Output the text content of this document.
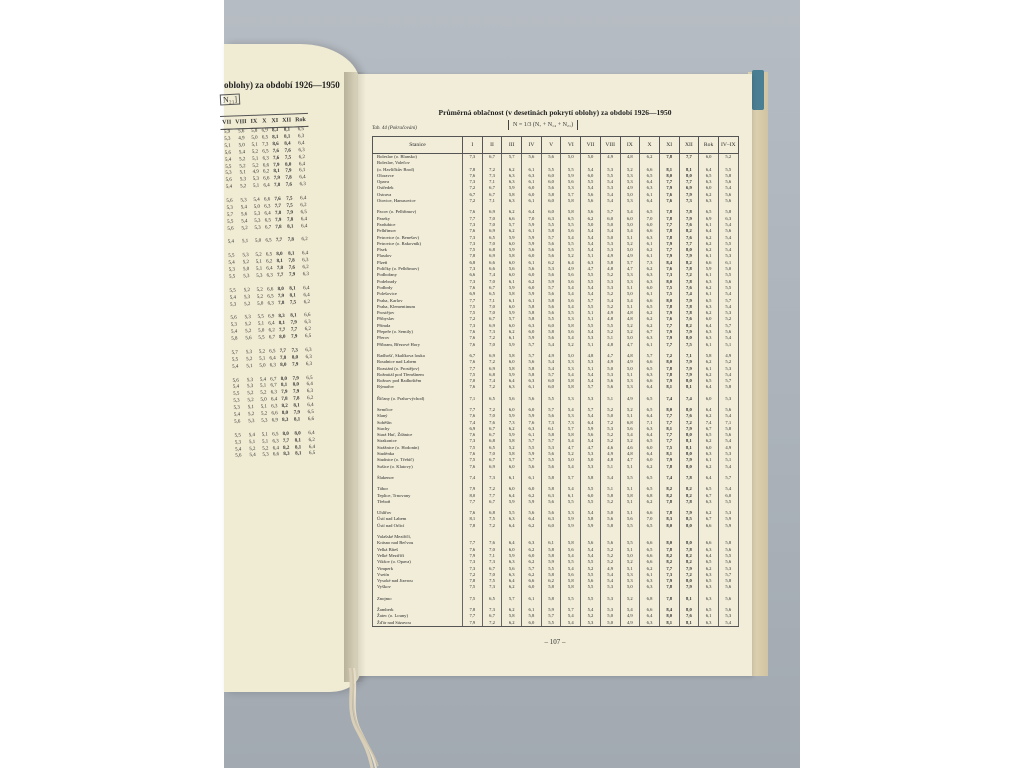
oblohy) za období 1926—1950
N₂₁]
VII	VIII	IX	X	XI	XII	Rok
5,9	5,6	5,8	6,9	8,3	8,1	6,5
5,3	4,9	5,0	6,5	8,1	8,1	6,3
5,1	5,0	5,1	7,3	8,6	8,4	6,4
5,6	5,4	5,2	6,5	7,6	7,6	6,3
5,4	5,2	5,1	6,3	7,6	7,5	6,2
5,5	5,2	5,2	6,6	7,9	8,0	6,4
5,3	5,1	4,9	6,2	8,1	7,9	6,1
5,6	5,3	5,3	6,6	7,9	7,8	6,4
5,4	5,2	5,1	6,4	7,8	7,6	6,3

5,6	5,3	5,4	6,6	7,6	7,5	6,4
5,3	5,4	5,0	6,3	7,7	7,5	6,2
5,7	5,6	5,3	6,4	7,8	7,9	6,5
5,5	5,4	5,3	6,5	7,9	7,8	6,4
5,6	5,2	5,3	6,7	7,8	8,1	6,4

5,4	5,1	5,0	6,5	7,7	7,8	6,2

5,5	5,3	5,2	6,5	8,0	8,1	6,4
5,4	5,2	5,1	6,2	8,1	7,8	6,3
5,3	5,0	5,1	6,4	7,8	7,6	6,2
5,5	5,3	5,3	6,3	7,7	7,9	6,3

5,5	5,2	5,2	6,6	8,0	8,1	6,4
5,4	5,3	5,2	6,5	7,9	8,1	6,4
5,3	5,2	5,0	6,3	7,8	7,5	6,2

5,6	5,3	5,5	6,9	8,3	8,1	6,6
5,3	5,2	5,1	6,4	8,1	7,9	6,3
5,4	5,2	5,0	6,2	7,7	7,7	6,2
5,8	5,6	5,5	6,7	8,0	7,9	6,5

5,7	5,3	5,2	6,5	7,7	7,3	6,3
5,5	5,2	5,1	6,4	7,8	8,0	6,3
5,4	5,1	5,0	6,3	8,0	7,9	6,3

5,6	5,3	5,4	6,7	8,0	7,9	6,5
5,4	5,3	5,1	6,7	8,1	8,0	6,4
5,5	5,2	5,2	6,3	7,9	7,9	6,3
5,3	5,2	5,0	6,4	7,8	7,8	6,2
5,3	5,1	5,1	6,3	8,2	8,1	6,4
5,4	5,2	5,2	6,6	8,0	7,9	6,5
5,6	5,3	5,3	6,9	8,3	8,1	6,6

5,5	5,4	5,1	6,5	8,0	8,0	6,4
5,3	5,1	5,1	6,3	7,7	8,1	6,2
5,4	5,2	5,2	6,4	8,2	8,1	6,4
5,6	5,4	5,3	6,6	8,3	8,1	6,5
Průměrná oblačnost (v desetinách pokrytí oblohy) za období 1926—1950
Tab. 44 (Pokračování)
N = 1/3 (N₇ + N₁₄ + N₂₁)
Stanice	I	II	III	IV	V	VI	VII	VIII	IX	X	XI	XII	Rok	IV–IX
Boleslav (o. Blansko)	7,3	6,7	5,7	5,6	5,6	5,0	5,0	4,9	4,8	6,2	7,8	7,7	6,0	5,2
Boleslav, Valečov														
(o. Havlíčkův Brod)	7,8	7,2	6,2	6,1	5,5	5,5	5,4	5,3	5,2	6,6	8,1	8,1	6,4	5,5
Oloravce	7,6	7,3	6,3	6,3	6,0	5,9	6,0	5,5	5,3	6,5	8,0	8,0	6,5	5,8
Opava	7,3	7,1	6,3	6,1	6,0	5,6	5,5	5,4	5,3	6,4	7,7	7,7	6,3	5,6
Ostředek	7,2	6,7	5,9	6,0	5,6	5,3	5,4	5,3	4,9	6,3	7,9	6,9	6,0	5,4
Ostrava	6,7	6,7	5,8	6,0	5,8	5,7	5,6	5,4	5,0	6,1	7,6	7,9	6,2	5,6
Otovice, Hanusovice	7,2	7,1	6,3	6,1	6,0	5,8	5,6	5,4	5,3	6,4	7,6	7,3	6,3	5,6

Pacov (o. Pelhřimov)	7,6	6,9	6,2	6,4	6,0	5,8	5,6	5,7	5,4	6,5	7,8	7,8	6,5	5,8
Paseky	7,7	7,0	6,6	7,0	6,3	6,5	6,2	6,0	6,0	7,0	7,8	7,9	6,9	6,3
Pardubice	7,3	7,0	5,7	5,9	5,5	5,5	5,0	5,0	5,0	6,0	7,7	7,6	6,1	5,4
Pelhřimov	7,6	6,9	6,2	6,1	5,8	5,6	5,4	5,4	5,4	6,6	7,8	8,2	6,4	5,6
Petrovice (o. Benešov)	7,3	6,5	5,9	5,9	5,7	5,4	5,4	5,0	5,1	6,3	7,8	7,6	6,2	5,4
Petrovice (o. Rakovník)	7,3	7,0	6,0	5,9	5,6	5,5	5,4	5,3	5,2	6,1	7,9	7,7	6,2	5,5
Písek	7,5	6,8	5,9	5,6	5,6	5,5	5,4	5,3	5,0	6,2	7,7	8,0	6,2	5,4
Plasdov	7,8	6,9	5,8	6,0	5,6	5,2	5,1	4,9	4,9	6,1	7,9	7,9	6,1	5,3
Plzeň	6,8	6,6	6,0	6,1	6,2	6,4	6,3	5,8	5,7	7,3	8,4	8,2	6,6	6,1
Políčky (o. Pelhřimov)	7,3	6,6	5,6	5,6	5,3	4,9	4,7	4,8	4,7	6,2	7,6	7,8	5,9	5,0
Podbořany	6,6	7,4	6,0	6,0	5,6	5,6	5,5	5,2	5,3	6,3	7,3	7,2	6,1	5,5
Podebrady	7,3	7,0	6,1	6,2	5,9	5,6	5,5	5,3	5,3	6,3	8,0	7,8	6,3	5,6
Podbrdy	7,6	6,7	5,9	6,0	5,7	5,4	5,4	5,3	5,1	6,0	7,5	7,6	6,2	5,5
Polešovice	6,9	6,5	5,8	5,9	5,6	5,4	5,4	5,2	5,0	6,1	7,5	7,4	6,1	5,4
Praha, Karlov	7,7	7,1	6,1	6,1	5,8	5,6	5,7	5,4	5,4	6,6	8,0	7,9	6,5	5,7
Praha, Klementinum	7,5	7,0	6,0	5,8	5,6	5,4	5,5	5,2	5,1	6,5	7,8	7,8	6,3	5,4
Prostějov	7,5	7,0	5,9	5,8	5,6	5,5	5,1	4,9	4,8	6,2	7,9	7,8	6,2	5,3
Přibyslav	7,2	6,7	5,7	5,8	5,5	5,3	5,1	4,8	4,8	6,2	7,6	7,6	6,0	5,2
Přímda	7,3	6,9	6,0	6,3	6,0	5,8	5,5	5,5	5,2	6,2	7,7	8,2	6,4	5,7
Přepeře (o. Semily)	7,6	7,3	6,2	6,0	5,8	5,6	5,4	5,2	5,2	6,7	7,9	7,9	6,3	5,6
Přerov	7,6	7,2	6,1	5,9	5,6	5,4	5,3	5,1	5,0	6,3	7,9	8,0	6,3	5,4
Příbram, Březové Hory	7,6	7,0	5,9	5,7	5,4	5,2	5,1	4,8	4,7	6,1	7,7	7,5	6,1	5,1

Radhošť, Skalíkova louka	6,7	6,9	5,8	5,7	4,9	5,0	4,8	4,7	4,8	5,7	7,2	7,1	5,8	4,9
Roudnice nad Labem	7,6	7,2	6,0	5,6	5,4	5,3	5,3	4,9	4,9	6,6	8,0	7,9	6,2	5,2
Rozstání (o. Prostějov)	7,7	6,9	5,8	5,8	5,4	5,3	5,1	5,0	5,0	6,5	7,8	7,9	6,1	5,3
Rožmitál pod Třemšínem	7,5	6,8	5,9	5,8	5,7	5,4	5,4	5,3	5,1	6,3	7,8	7,9	6,2	5,4
Rožnov pod Radhoštěm	7,0	7,4	6,4	6,3	6,0	5,8	5,4	5,6	5,3	6,6	7,9	8,0	6,5	5,7
Rýmařov	7,6	7,2	6,3	6,1	6,0	5,8	5,7	5,6	5,3	6,4	8,1	8,1	6,4	5,8

Říčany (o. Praha-východ)	7,1	6,5	5,6	5,6	5,5	5,3	5,3	5,1	4,9	6,5	7,4	7,4	6,0	5,3

Semčice	7,7	7,2	6,0	6,0	5,7	5,4	5,7	5,2	5,2	6,5	8,0	8,0	6,4	5,6
Slaný	7,6	7,0	5,9	5,9	5,6	5,3	5,4	5,0	5,1	6,4	7,7	7,6	6,2	5,4
Soběšín	7,4	7,6	7,3	7,6	7,3	7,3	6,4	7,2	6,8	7,1	7,7	7,2	7,4	7,1
Stachy	6,9	6,7	6,2	6,3	6,1	5,7	5,9	5,3	5,6	6,3	8,1	7,9	6,7	5,8
Stará Huť, Ždánice	7,6	6,7	5,9	6,1	5,8	5,8	5,6	5,2	5,4	6,4	7,7	8,0	6,5	5,6
Strakonice	7,3	6,8	5,8	5,7	5,7	5,4	5,4	5,2	5,2	6,5	7,7	8,1	6,2	5,4
Strážnice (o. Hodonín)	7,5	6,5	5,2	5,5	5,3	4,7	4,7	4,6	4,6	6,0	7,5	8,1	6,0	4,9
Studénka	7,6	7,0	5,8	5,9	5,6	5,2	5,3	4,9	4,8	6,4	8,1	8,0	6,3	5,3
Studnice (o. Třebíč)	7,5	6,7	5,7	5,7	5,5	5,0	5,0	4,8	4,7	6,0	7,9	7,9	6,1	5,1
Sušice (o. Klatovy)	7,6	6,9	6,0	5,6	5,6	5,4	5,3	5,1	5,1	6,2	7,8	8,0	6,2	5,4

Šlakenov	7,4	7,3	6,1	6,1	5,8	5,7	5,8	5,4	5,5	6,5	7,4	7,8	6,4	5,7

Tábor	7,9	7,2	6,0	6,0	5,8	5,4	5,5	5,1	5,1	6,5	8,2	8,2	6,5	5,4
Teplice, Trnovany	8,0	7,7	6,4	6,2	6,3	6,1	6,0	5,8	5,8	6,8	8,2	8,2	6,7	6,0
Třeboň	7,7	6,7	5,9	5,9	5,6	5,5	5,5	5,2	5,1	6,2	7,8	7,8	6,3	5,5

Uhlířov	7,6	6,8	5,5	5,6	5,6	5,3	5,4	5,0	5,1	6,6	7,8	7,9	6,2	5,3
Ústí nad Labem	8,1	7,5	6,3	6,4	6,3	5,9	5,8	5,6	5,6	7,0	8,3	8,5	6,7	5,9
Ústí nad Orlicí	7,8	7,2	6,4	6,2	6,0	5,9	5,9	5,8	5,5	6,5	8,0	8,0	6,6	5,9

Valašské Meziříčí,														
Krásno nad Bečvou	7,7	7,6	6,4	6,3	6,1	5,8	5,6	5,6	5,5	6,6	8,0	8,0	6,6	5,8
Velká Bíteš	7,6	7,0	6,0	6,2	5,8	5,6	5,4	5,2	5,1	6,5	7,8	7,8	6,3	5,6
Velké Meziříčí	7,9	7,1	5,9	6,0	5,8	5,4	5,4	5,2	5,0	6,6	8,2	8,2	6,4	5,5
Vikšov (o. Opava)	7,3	7,3	6,3	6,2	5,9	5,5	5,5	5,2	5,2	6,6	8,2	8,2	6,5	5,6
Vimperk	7,3	6,7	5,6	5,7	5,5	5,4	5,2	4,9	5,1	6,2	7,7	7,9	6,2	5,3
Vsetín	7,2	7,0	6,3	6,2	5,8	5,6	5,5	5,4	5,3	6,1	7,3	7,2	6,3	5,7
Vysoké nad Jizerou	7,8	7,5	6,4	6,6	6,2	5,8	5,6	5,4	5,3	6,3	7,9	8,0	6,5	5,8
Vyškov	7,5	7,3	6,2	6,0	5,8	5,8	5,5	5,3	5,0	6,3	7,8	7,9	6,3	5,6

Znojmo	7,5	6,5	5,7	6,1	5,8	5,5	5,5	5,3	5,2	6,8	7,8	8,1	6,3	5,6

Žamberk	7,8	7,3	6,2	6,1	5,9	5,7	5,4	5,3	5,4	6,6	8,4	8,0	6,5	5,6
Žatec (o. Louny)	7,7	6,7	5,8	5,8	5,7	5,4	5,2	5,0	4,9	6,4	8,0	7,6	6,1	5,3
Žďár nad Sázavou	7,9	7,2	6,2	6,0	5,5	5,4	5,3	5,0	4,9	6,3	8,1	8,1	6,3	5,4
– 107 –
